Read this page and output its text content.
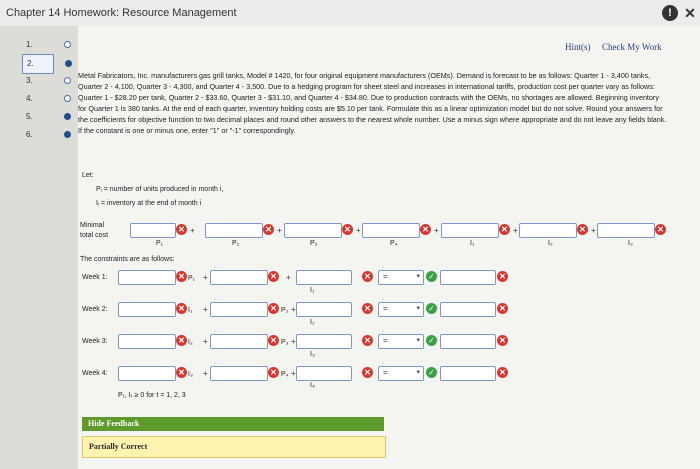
Chapter 14 Homework: Resource Management	! ✕
1.
2.
3.
4.
5.
6.
Hint(s) Check My Work
Metal Fabricators, Inc. manufacturers gas grill tanks, Model # 1420, for four original equipment manufacturers (OEMs). Demand is forecast to be as follows: Quarter 1 - 3,400 tanks, Quarter 2 - 4,100, Quarter 3 - 4,300, and Quarter 4 - 3,500. Due to a hedging program for sheet steel and increases in international tariffs, production cost per quarter vary as follows: Quarter 1 - $28.20 per tank, Quarter 2 - $33.60, Quarter 3 - $31.10, and Quarter 4 - $34.80. Due to production contracts with the OEMs, no shortages are allowed. Beginning inventory for Quarter 1 is 380 tanks. At the end of each quarter, inventory holding costs are $5.10 per tank. Formulate this as a linear optimization model but do not solve. Round your answers for the coefficients for objective function to two decimal places and round other answers to the nearest whole number. Use a minus sign where appropriate and do not leave any fields blank. If the constant is one or minus one, enter "1" or "-1" correspondingly.
Let:
Pᵢ = number of units produced in month i,
Iᵢ = inventory at the end of month i
Minimal
total cost
✕ +	✕ +	✕ +	✕ +	✕ +	✕ +	✕
P₁	P₂	P₃	P₄	I₁	I₂	I₃
The constraints are as follows:
Week 1:	✕ P₁ +	✕ +	✕	= ▾ ✓	✕
I₁
Week 2:	✕ I₁ +	✕ P₂ +	✕	= ▾ ✓	✕
I₂
Week 3:	✕ I₂ +	✕ P₃ +	✕	= ▾ ✓	✕
I₃
Week 4:	✕ I₃ +	✕ P₄ +	✕	= ▾ ✓	✕
I₄
Pₜ, Iₜ ≥ 0 for t = 1, 2, 3
Hide Feedback
Partially Correct
